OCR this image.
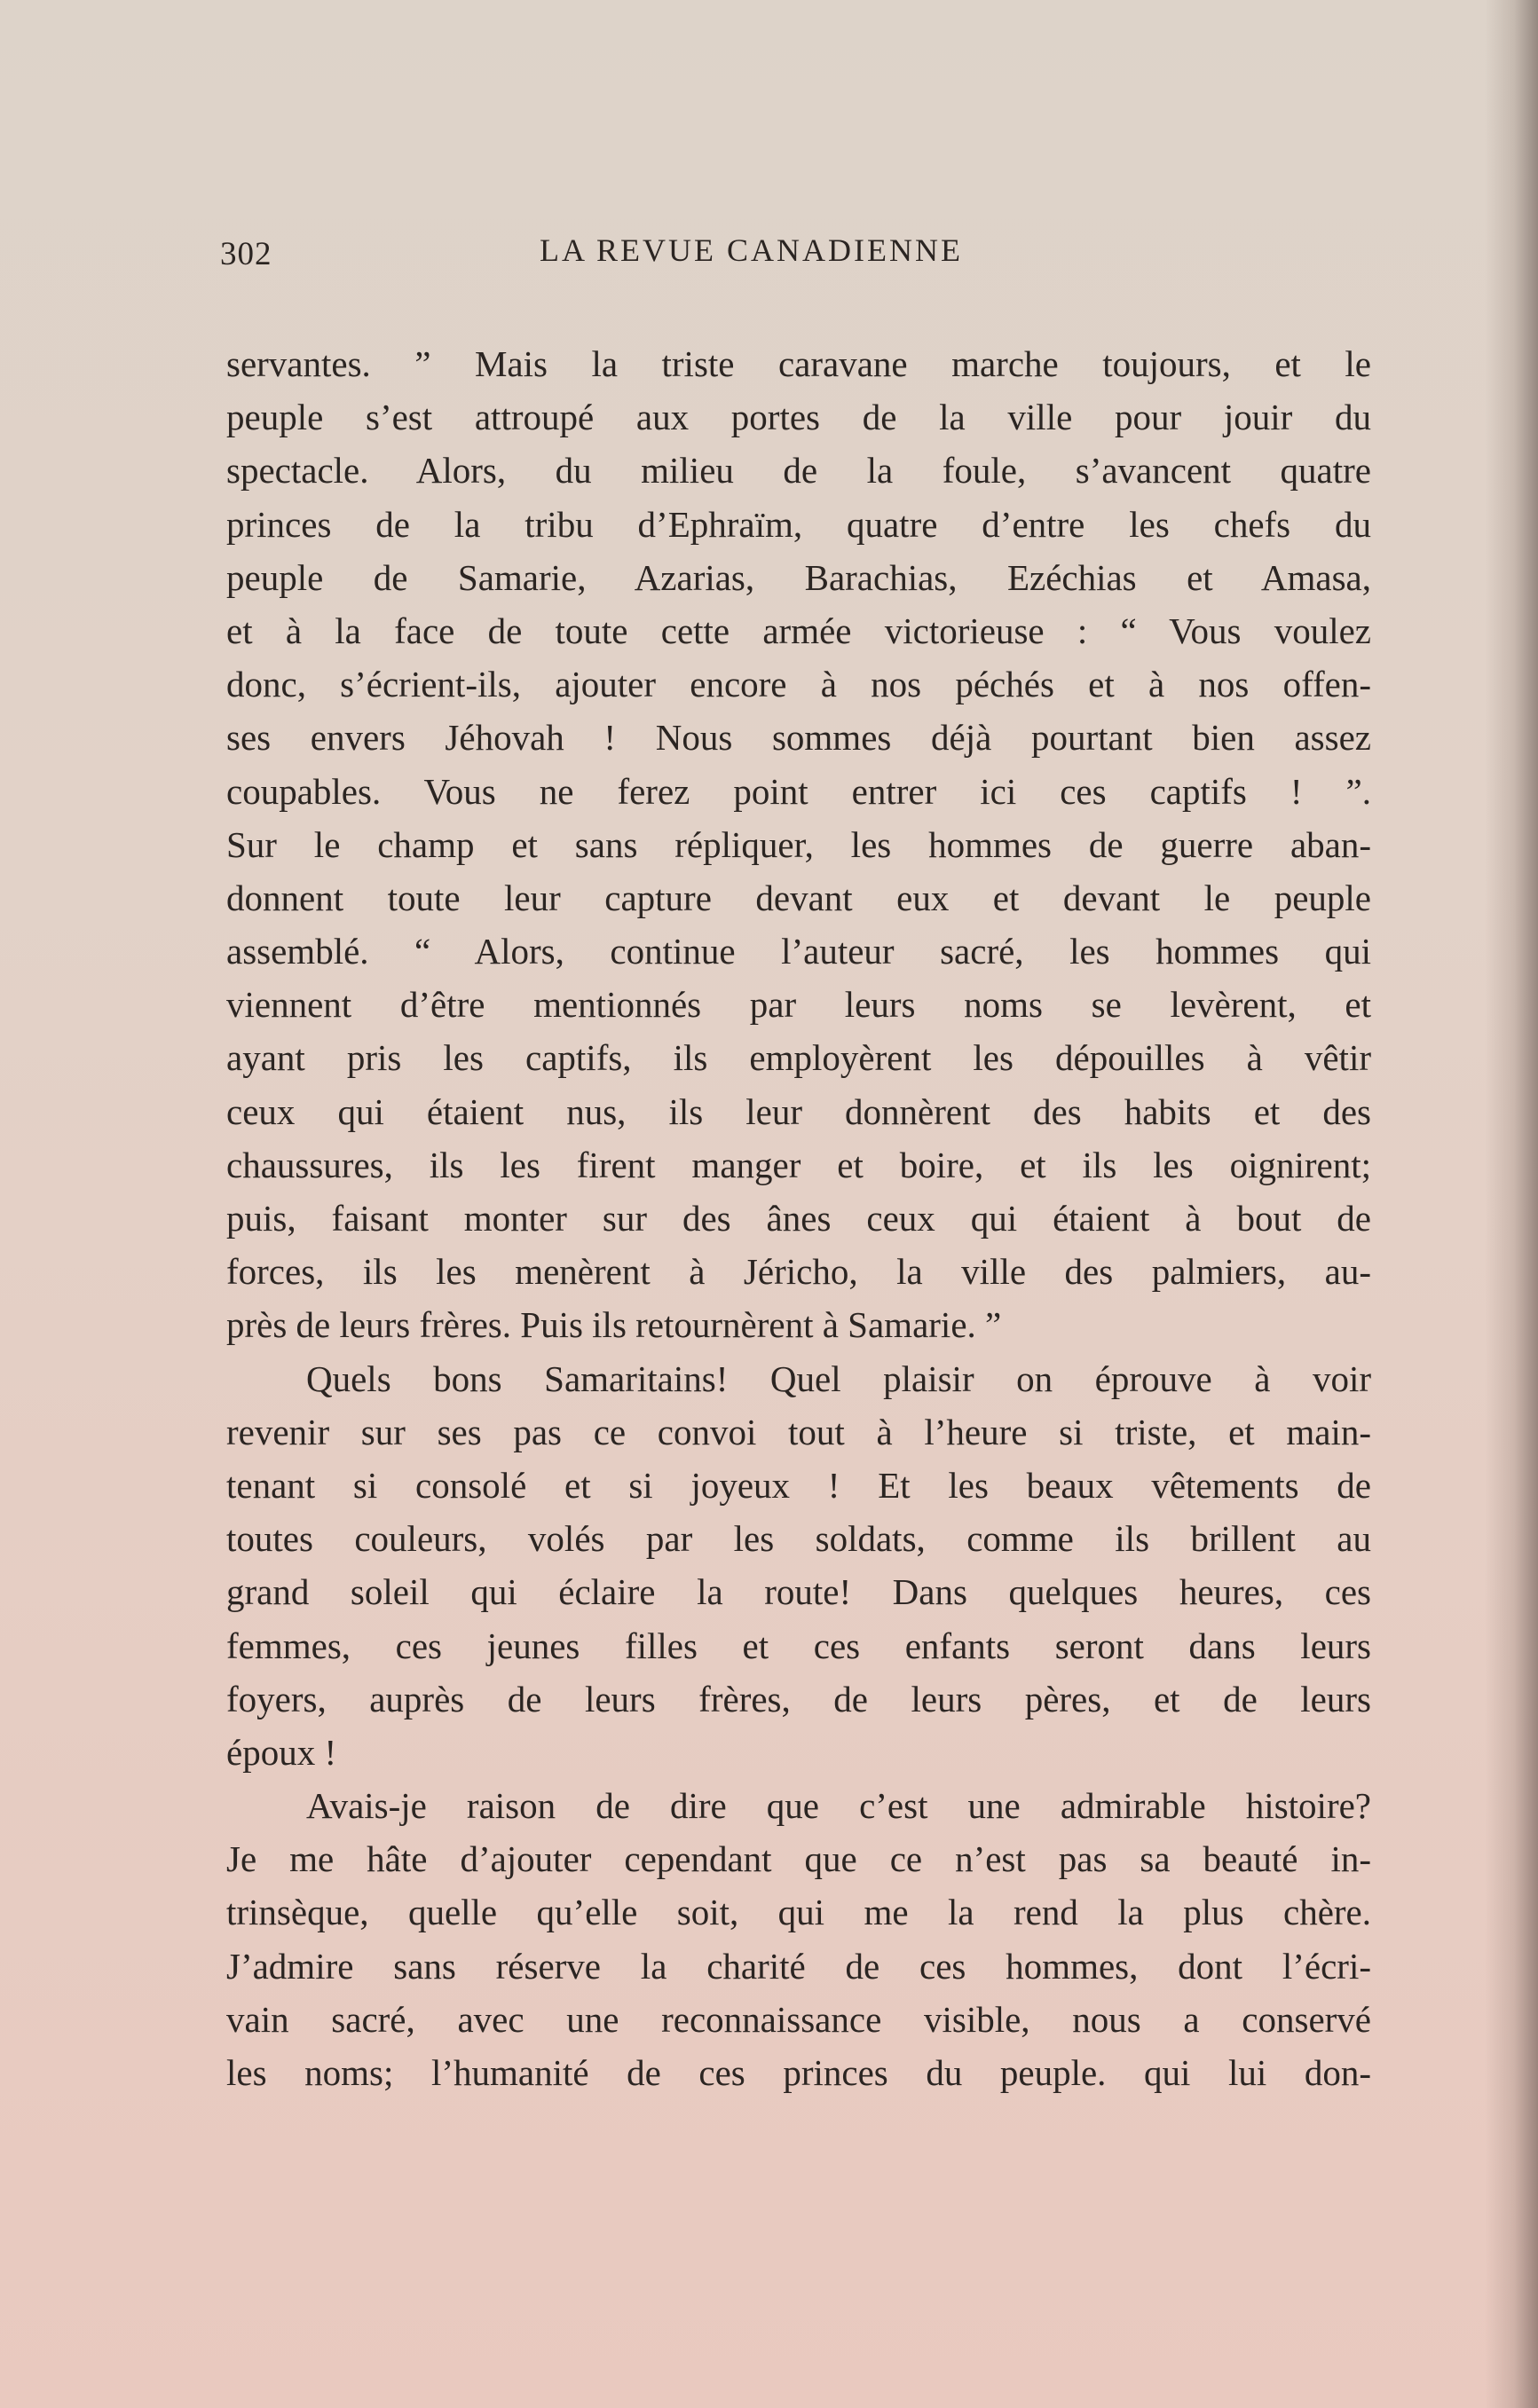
302	LA REVUE CANADIENNE
servantes. ” Mais la triste caravane marche toujours, et le
peuple s’est attroupé aux portes de la ville pour jouir du
spectacle. Alors, du milieu de la foule, s’avancent quatre
princes de la tribu d’Ephraïm, quatre d’entre les chefs du
peuple de Samarie, Azarias, Barachias, Ezéchias et Amasa,
et à la face de toute cette armée victorieuse : “ Vous voulez
donc, s’écrient-ils, ajouter encore à nos péchés et à nos offen-
ses envers Jéhovah ! Nous sommes déjà pourtant bien assez
coupables. Vous ne ferez point entrer ici ces captifs ! ”.
Sur le champ et sans répliquer, les hommes de guerre aban-
donnent toute leur capture devant eux et devant le peuple
assemblé. “ Alors, continue l’auteur sacré, les hommes qui
viennent d’être mentionnés par leurs noms se levèrent, et
ayant pris les captifs, ils employèrent les dépouilles à vêtir
ceux qui étaient nus, ils leur donnèrent des habits et des
chaussures, ils les firent manger et boire, et ils les oignirent;
puis, faisant monter sur des ânes ceux qui étaient à bout de
forces, ils les menèrent à Jéricho, la ville des palmiers, au-
près de leurs frères. Puis ils retournèrent à Samarie. ”
Quels bons Samaritains! Quel plaisir on éprouve à voir
revenir sur ses pas ce convoi tout à l’heure si triste, et main-
tenant si consolé et si joyeux ! Et les beaux vêtements de
toutes couleurs, volés par les soldats, comme ils brillent au
grand soleil qui éclaire la route! Dans quelques heures, ces
femmes, ces jeunes filles et ces enfants seront dans leurs
foyers, auprès de leurs frères, de leurs pères, et de leurs
époux !
Avais-je raison de dire que c’est une admirable histoire?
Je me hâte d’ajouter cependant que ce n’est pas sa beauté in-
trinsèque, quelle qu’elle soit, qui me la rend la plus chère.
J’admire sans réserve la charité de ces hommes, dont l’écri-
vain sacré, avec une reconnaissance visible, nous a conservé
les noms; l’humanité de ces princes du peuple. qui lui don-
